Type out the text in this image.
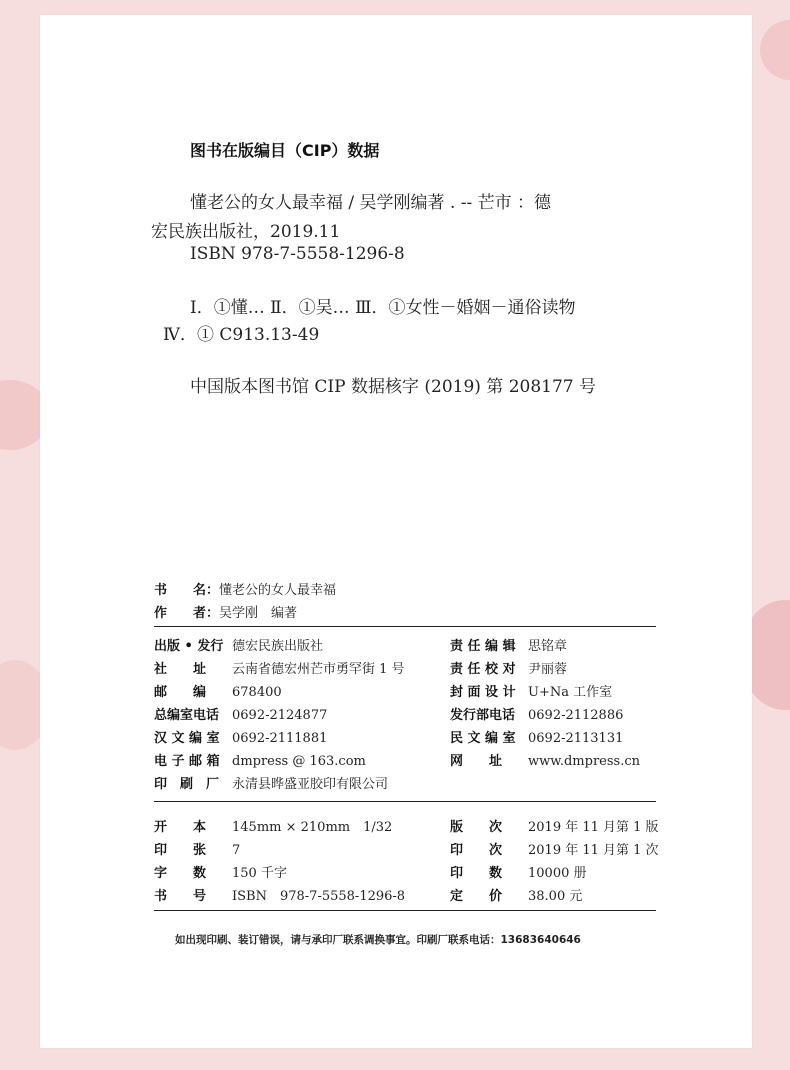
图书在版编目（CIP）数据
懂老公的女人最幸福 / 吴学刚编著 . -- 芒市 ：德
宏民族出版社，2019.11
ISBN 978-7-5558-1296-8
Ⅰ．①懂… Ⅱ．①吴… Ⅲ．①女性－婚姻－通俗读物
Ⅳ．① C913.13-49
中国版本图书馆 CIP 数据核字 (2019) 第 208177 号
书　　名：懂老公的女人最幸福
作　　者：吴学刚　编著
出版 • 发行 德宏民族出版社
社　　址 云南省德宏州芒市勇罕街 1 号
邮　　编 678400
总编室电话 0692-2124877
汉 文 编 室 0692-2111881
电 子 邮 箱 dmpress @ 163.com
印　刷　厂 永清县晔盛亚胶印有限公司
责 任 编 辑 思铭章
责 任 校 对 尹丽蓉
封 面 设 计 U+Na 工作室
发行部电话 0692-2112886
民 文 编 室 0692-2113131
网　　址 www.dmpress.cn
开　　本 145mm × 210mm　1/32
印　　张 7
字　　数 150 千字
书　　号 ISBN　978-7-5558-1296-8
版　　次 2019 年 11 月第 1 版
印　　次 2019 年 11 月第 1 次
印　　数 10000 册
定　　价 38.00 元
如出现印刷、装订错误，请与承印厂联系调换事宜。印刷厂联系电话：13683640646
